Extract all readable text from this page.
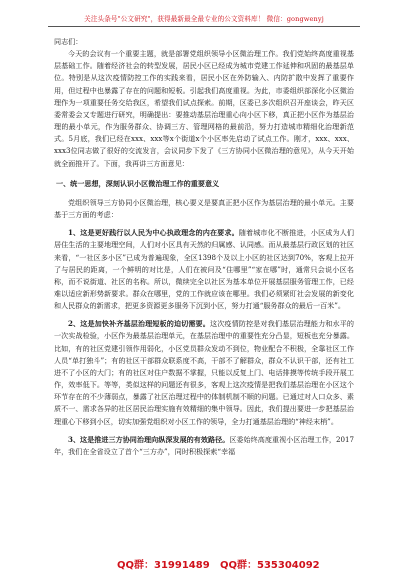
关注头条号"公文研究"，获得最新最全最专业的公文资料库！ 微信：gongwenyj

同志们：

今天的会议有一个重要主题，就是部署党组织领导小区微治理工作。我们党始终高度重视基层基础工作。随着经济社会的转型发展，居民小区已经成为城市党建工作延伸和巩固的最基层单位。特别是从这次疫情防控工作的实践来看，居民小区在外防输入、内防扩散中发挥了重要作用，但过程中也暴露了存在的问题和短板。引起我们高度重视。为此，市委组织部深化小区微治理作为一项重要任务交给我区，希望我们试点探索。前期，区委已多次组织召开座谈会，昨天区委常委会又专题进行研究，明确提出：要推动基层治理重心向小区下移，真正把小区作为基层治理的最小单元，作为服务群众、协调三方、管理网格的最前沿，努力打造城市精细化治理新范式。5月底，我们已经在xxx、xxx等x个街道x个小区率先启动了试点工作。刚才，xxx、xxx、xxx3位同志做了很好的交流发言，会议同步下发了《三方协同小区微治理的意见》，从今天开始就全面推开了。下面，我再讲三方面意见：

一、统一思想，深刻认识小区微治理工作的重要意义

党组织领导三方协同小区微治理，核心要义是要真正把小区作为基层治理的最小单元。主要基于三方面的考虑：

1、这是更好践行以人民为中心执政理念的内在要求。随着城市化不断推进，小区成为人们居住生活的主要地理空间，人们对小区具有天然的归属感、认同感。而从最基层行政区划的社区来看，“一社区多小区”已成为普遍现象，全区1398个及以上小区的社区达到70%，客观上拉开了与居民的距离，一个鲜明的对比是，人们在被问及“住哪里”“家在哪”时，通常只会说小区名称，而不说街道、社区的名称。所以，微续完全以社区为基本单位开展基层服务管理工作，已经难以适应新形势新要求。群众在哪里，党的工作就应该在哪里。我们必须紧盯社会发展的新变化和人民群众的新需求，把更多资源更多服务下沉到小区，努力打通“服务群众的最后一百米”。

2、这是加快补齐基层治理短板的迫切需要。这次疫情防控是对我们基层治理能力和水平的一次实战检验，小区作为最基层治理单元，在基层治理中的重要性充分凸显，短板也充分暴露。比如，有的社区党建引领作用弱化，小区党员群众发动不到位，物业配合不积极，全靠社区工作人员“单打独斗”；有的社区干部群众联系度不高，干部不了解群众，群众不认识干部，还有社工进不了小区的大门；有的社区对住户数据不掌握，只能以反复上门、电话排摸等传统手段开展工作，效率低下。等等，类似这样的问题还有很多，客观上这次疫情是把我们基层治理在小区这个环节存在的不少薄弱点，暴露了社区治理过程中的体制机制不顺的问题。已通过对人口众多、素质不一、需求各异的社区居民治理实施有效精细的集中领导。因此，我们提出要进一步把基层治理重心下移到小区，切实加强党组织对小区工作的领导，全力打通基层治理的“神经末梢”。

3、这是推进三方协同治理向纵深发展的有效路径。区委始终高度重视小区治理工作，2017年，我们在全省设立了首个“三方办”，同时积极探索“幸福

QQ群：31991489 QQ群：535304092
